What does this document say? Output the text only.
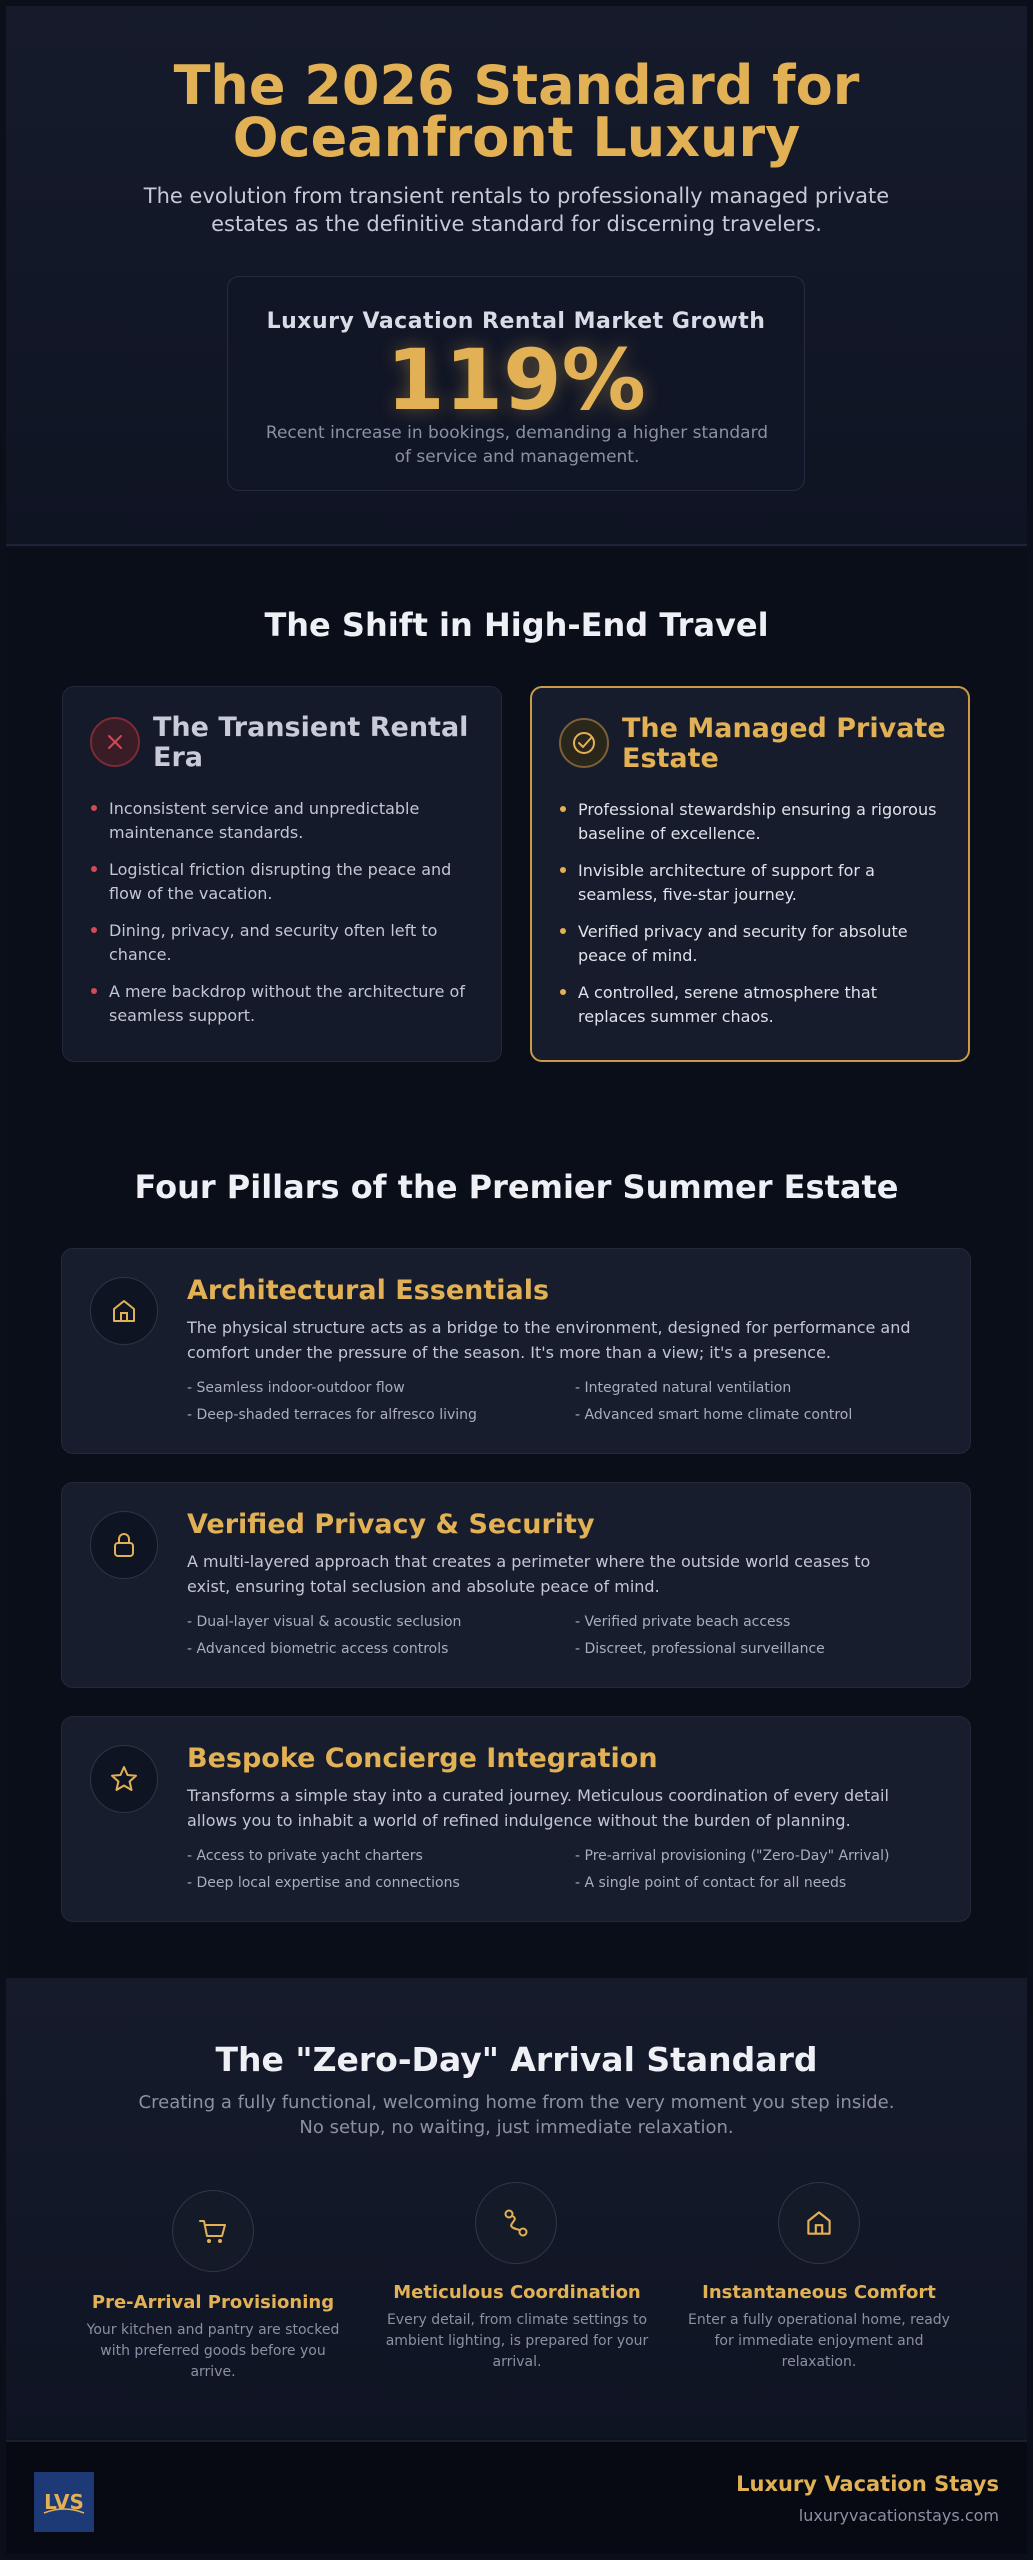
The 2026 Standard for
Oceanfront Luxury

The evolution from transient rentals to professionally managed private estates as the definitive standard for discerning travelers.

Luxury Vacation Rental Market Growth
119%
Recent increase in bookings, demanding a higher standard of service and management.
The Shift in High-End Travel
The Transient Rental Era
Inconsistent service and unpredictable maintenance standards.
Logistical friction disrupting the peace and flow of the vacation.
Dining, privacy, and security often left to chance.
A mere backdrop without the architecture of seamless support.
The Managed Private Estate
Professional stewardship ensuring a rigorous baseline of excellence.
Invisible architecture of support for a seamless, five-star journey.
Verified privacy and security for absolute peace of mind.
A controlled, serene atmosphere that replaces summer chaos.
Four Pillars of the Premier Summer Estate
Architectural Essentials
The physical structure acts as a bridge to the environment, designed for performance and comfort under the pressure of the season. It's more than a view; it's a presence.
- Seamless indoor-outdoor flow	- Integrated natural ventilation
- Deep-shaded terraces for alfresco living	- Advanced smart home climate control
Verified Privacy & Security
A multi-layered approach that creates a perimeter where the outside world ceases to exist, ensuring total seclusion and absolute peace of mind.
- Dual-layer visual & acoustic seclusion	- Verified private beach access
- Advanced biometric access controls	- Discreet, professional surveillance
Bespoke Concierge Integration
Transforms a simple stay into a curated journey. Meticulous coordination of every detail allows you to inhabit a world of refined indulgence without the burden of planning.
- Access to private yacht charters	- Pre-arrival provisioning ("Zero-Day" Arrival)
- Deep local expertise and connections	- A single point of contact for all needs
The "Zero-Day" Arrival Standard

Creating a fully functional, welcoming home from the very moment you step inside. No setup, no waiting, just immediate relaxation.

Pre-Arrival Provisioning
Your kitchen and pantry are stocked with preferred goods before you arrive.
Meticulous Coordination
Every detail, from climate settings to ambient lighting, is prepared for your arrival.
Instantaneous Comfort
Enter a fully operational home, ready for immediate enjoyment and relaxation.
LVS
Luxury Vacation Stays
luxuryvacationstays.com
